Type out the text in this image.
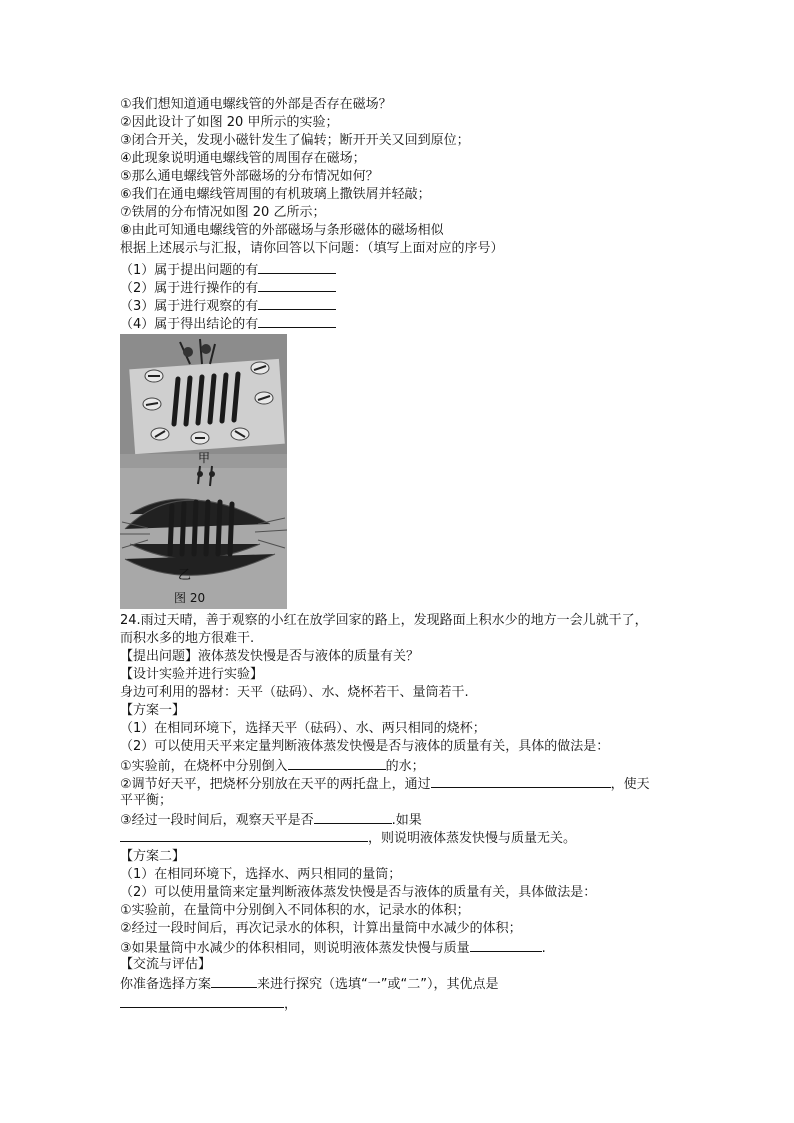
①我们想知道通电螺线管的外部是否存在磁场？
②因此设计了如图 20 甲所示的实验；
③闭合开关，发现小磁针发生了偏转；断开开关又回到原位；
④此现象说明通电螺线管的周围存在磁场；
⑤那么通电螺线管外部磁场的分布情况如何？
⑥我们在通电螺线管周围的有机玻璃上撒铁屑并轻敲；
⑦铁屑的分布情况如图 20 乙所示；
⑧由此可知通电螺线管的外部磁场与条形磁体的磁场相似
根据上述展示与汇报，请你回答以下问题：（填写上面对应的序号）
（1）属于提出问题的有
（2）属于进行操作的有
（3）属于进行观察的有
（4）属于得出结论的有
甲
乙
图 20
24.雨过天晴，善于观察的小红在放学回家的路上，发现路面上积水少的地方一会儿就干了，
而积水多的地方很难干.
【提出问题】液体蒸发快慢是否与液体的质量有关？
【设计实验并进行实验】
身边可利用的器材：天平（砝码）、水、烧杯若干、量筒若干.
【方案一】
（1）在相同环境下，选择天平（砝码）、水、两只相同的烧杯；
（2）可以使用天平来定量判断液体蒸发快慢是否与液体的质量有关，具体的做法是：
①实验前，在烧杯中分别倒入	的水；
②调节好天平，把烧杯分别放在天平的两托盘上，通过	，使天
平平衡；
③经过一段时间后，观察天平是否	.如果
，则说明液体蒸发快慢与质量无关。
【方案二】
（1）在相同环境下，选择水、两只相同的量筒；
（2）可以使用量筒来定量判断液体蒸发快慢是否与液体的质量有关，具体做法是：
①实验前，在量筒中分别倒入不同体积的水，记录水的体积；
②经过一段时间后，再次记录水的体积，计算出量筒中水减少的体积；
③如果量筒中水减少的体积相同，则说明液体蒸发快慢与质量	.
【交流与评估】
你准备选择方案	来进行探究（选填“一”或“二”），其优点是
，
